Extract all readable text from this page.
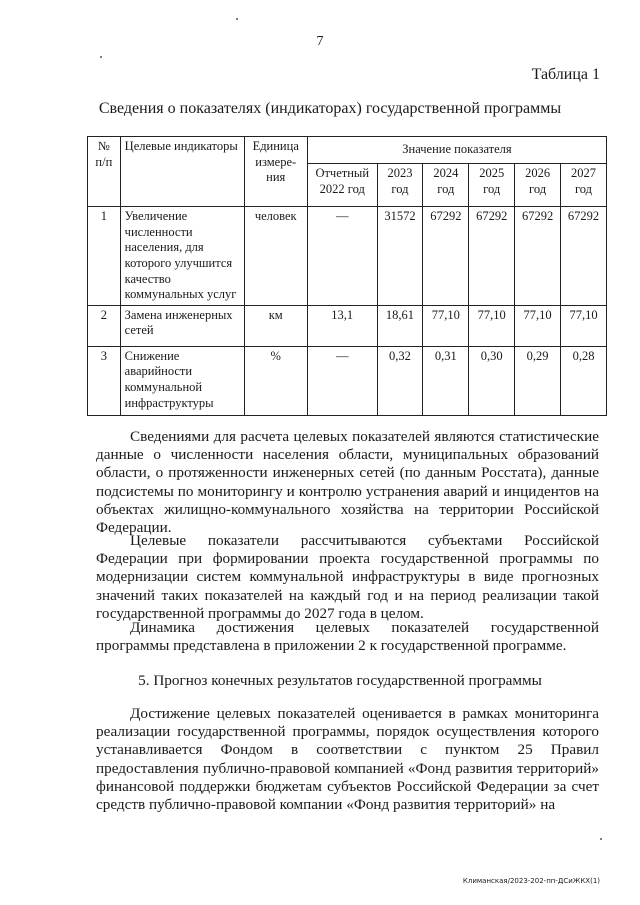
7
Таблица 1
Сведения о показателях (индикаторах) государственной программы
№ п/п	Целевые индикаторы	Единица измере-ния	Значение показателя					
			Отчетный 2022 год	2023 год	2024 год	2025 год	2026 год	2027 год
1	Увеличение численности населения, для которого улучшится качество коммунальных услуг	человек	—	31572	67292	67292	67292	67292
2	Замена инженерных сетей	км	13,1	18,61	77,10	77,10	77,10	77,10
3	Снижение аварийности коммунальной инфраструктуры	%	—	0,32	0,31	0,30	0,29	0,28

Сведениями для расчета целевых показателей являются статистические данные о численности населения области, муниципальных образований области, о протяженности инженерных сетей (по данным Росстата), данные подсистемы по мониторингу и контролю устранения аварий и инцидентов на объектах жилищно-коммунального хозяйства на территории Российской Федерации.

Целевые показатели рассчитываются субъектами Российской Федерации при формировании проекта государственной программы по модернизации систем коммунальной инфраструктуры в виде прогнозных значений таких показателей на каждый год и на период реализации такой государственной программы до 2027 года в целом.

Динамика достижения целевых показателей государственной программы представлена в приложении 2 к государственной программе.

5. Прогноз конечных результатов государственной программы

Достижение целевых показателей оценивается в рамках мониторинга реализации государственной программы, порядок осуществления которого устанавливается Фондом в соответствии с пунктом 25 Правил предоставления публично-правовой компанией «Фонд развития территорий» финансовой поддержки бюджетам субъектов Российской Федерации за счет средств публично-правовой компании «Фонд развития территорий» на

Климанская/2023-202-пп-ДСиЖКХ(1)
